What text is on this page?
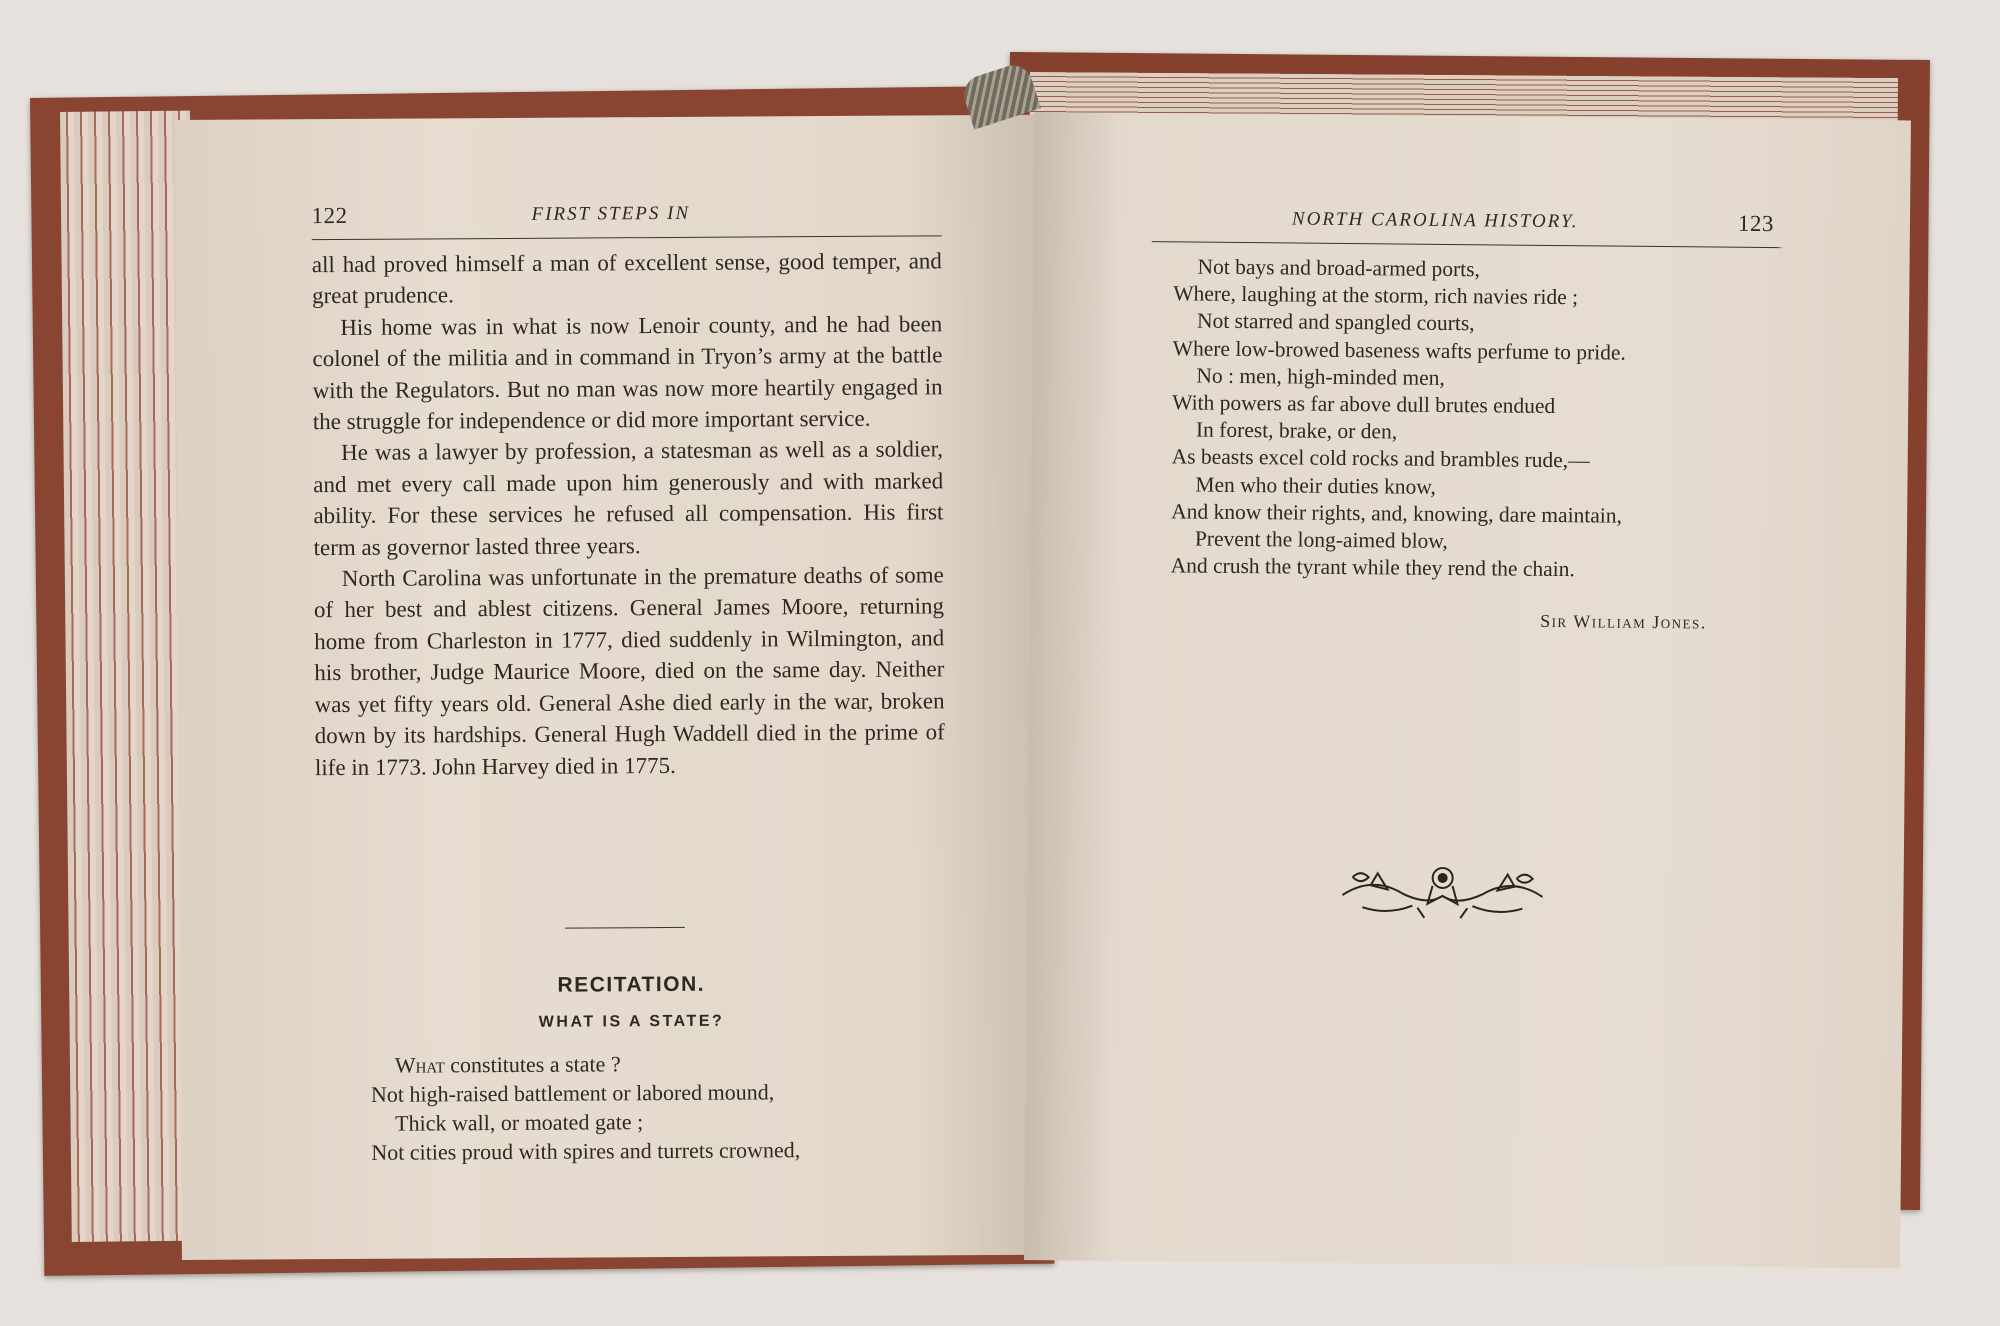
122	FIRST STEPS IN

all had proved himself a man of excellent sense, good temper, and great prudence.

His home was in what is now Lenoir county, and he had been colonel of the militia and in command in Tryon’s army at the battle with the Regulators. But no man was now more heartily engaged in the struggle for independence or did more important service.

He was a lawyer by profession, a statesman as well as a soldier, and met every call made upon him generously and with marked ability. For these services he refused all compensation. His first term as governor lasted three years.

North Carolina was unfortunate in the premature deaths of some of her best and ablest citizens. General James Moore, returning home from Charleston in 1777, died suddenly in Wilmington, and his brother, Judge Maurice Moore, died on the same day. Neither was yet fifty years old. General Ashe died early in the war, broken down by its hardships. General Hugh Waddell died in the prime of life in 1773. John Harvey died in 1775.

RECITATION.
WHAT IS A STATE?
What constitutes a state ?
Not high-raised battlement or labored mound,
Thick wall, or moated gate ;
Not cities proud with spires and turrets crowned,
NORTH CAROLINA HISTORY.	123
Not bays and broad-armed ports,
Where, laughing at the storm, rich navies ride ;
Not starred and spangled courts,
Where low-browed baseness wafts perfume to pride.
No : men, high-minded men,
With powers as far above dull brutes endued
In forest, brake, or den,
As beasts excel cold rocks and brambles rude,—
Men who their duties know,
And know their rights, and, knowing, dare maintain,
Prevent the long-aimed blow,
And crush the tyrant while they rend the chain.
Sir William Jones.
